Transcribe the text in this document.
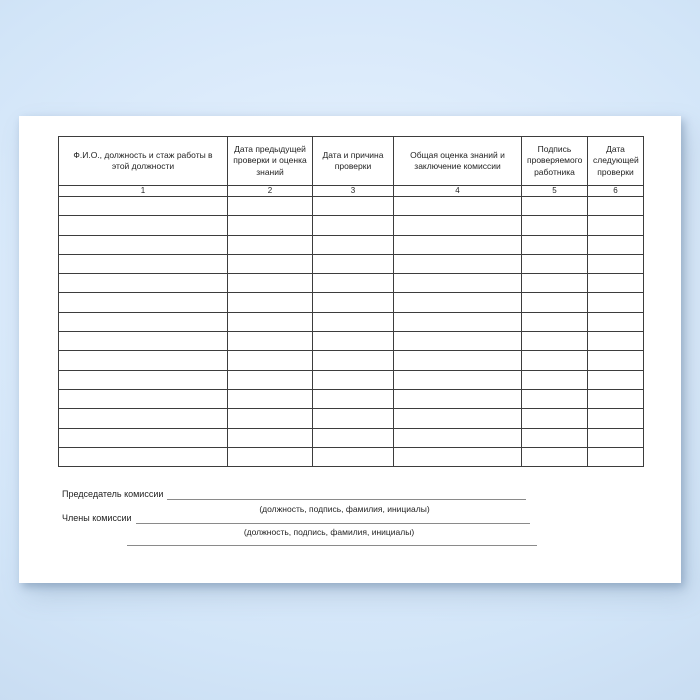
Ф.И.О., должность и стаж работы в этой должности	Дата предыдущей проверки и оценка знаний	Дата и причина проверки	Общая оценка знаний и заключение комиссии	Подпись проверяемого работника	Дата следующей проверки
1	2	3	4	5	6

Председатель комиссии
(должность, подпись, фамилия, инициалы)
Члены комиссии
(должность, подпись, фамилия, инициалы)
